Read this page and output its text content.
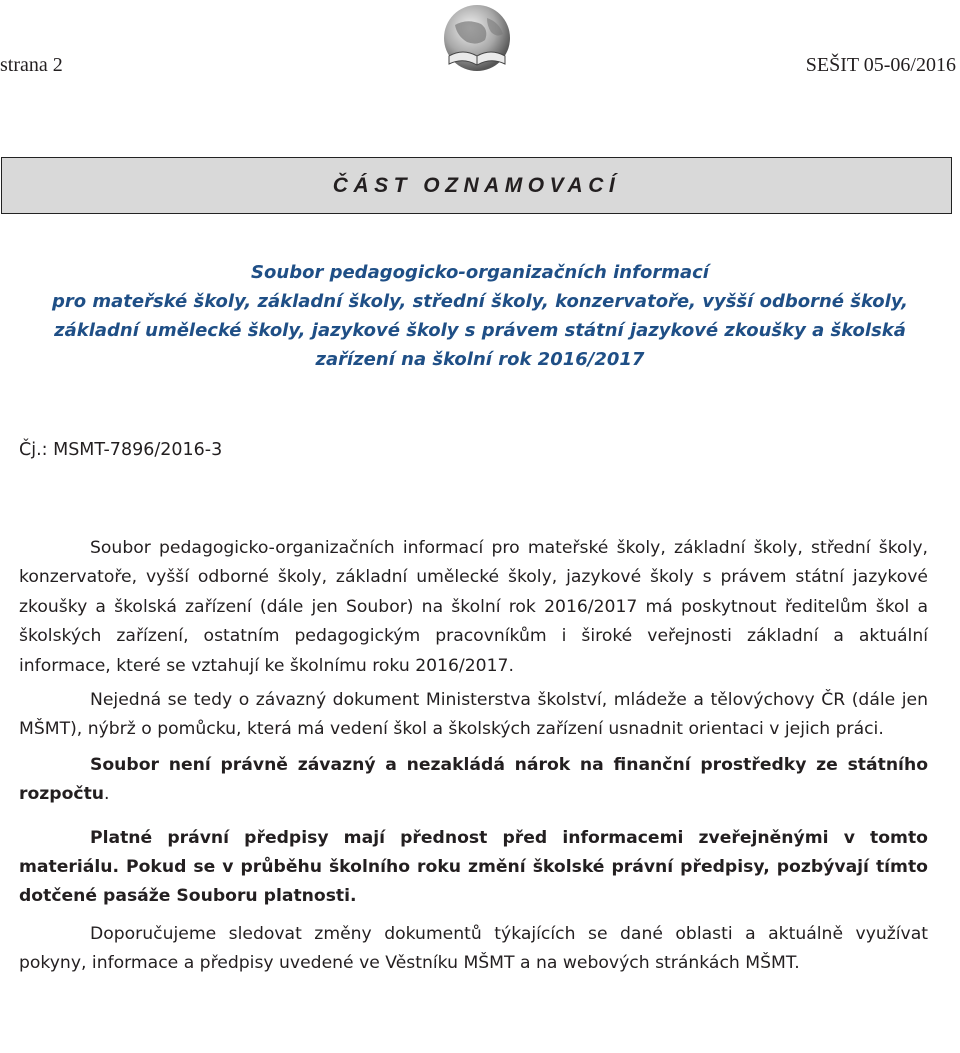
strana 2	SEŠIT 05-06/2016
ČÁST OZNAMOVACÍ
Soubor pedagogicko-organizačních informací
pro mateřské školy, základní školy, střední školy, konzervatoře, vyšší odborné školy,
základní umělecké školy, jazykové školy s právem státní jazykové zkoušky a školská
zařízení na školní rok 2016/2017
Čj.: MSMT-7896/2016-3

Soubor pedagogicko-organizačních informací pro mateřské školy, základní školy, střední školy, konzervatoře, vyšší odborné školy, základní umělecké školy, jazykové školy s právem státní jazykové zkoušky a školská zařízení (dále jen Soubor) na školní rok 2016/2017 má poskytnout ředitelům škol a školských zařízení, ostatním pedagogickým pracovníkům i široké veřejnosti základní a aktuální informace, které se vztahují ke školnímu roku 2016/2017.

Nejedná se tedy o závazný dokument Ministerstva školství, mládeže a tělovýchovy ČR (dále jen MŠMT), nýbrž o pomůcku, která má vedení škol a školských zařízení usnadnit orientaci v jejich práci.

Soubor není právně závazný a nezakládá nárok na finanční prostředky ze státního rozpočtu.

Platné právní předpisy mají přednost před informacemi zveřejněnými v tomto materiálu. Pokud se v průběhu školního roku změní školské právní předpisy, pozbývají tímto dotčené pasáže Souboru platnosti.

Doporučujeme sledovat změny dokumentů týkajících se dané oblasti a aktuálně využívat pokyny, informace a předpisy uvedené ve Věstníku MŠMT a na webových stránkách MŠMT.
